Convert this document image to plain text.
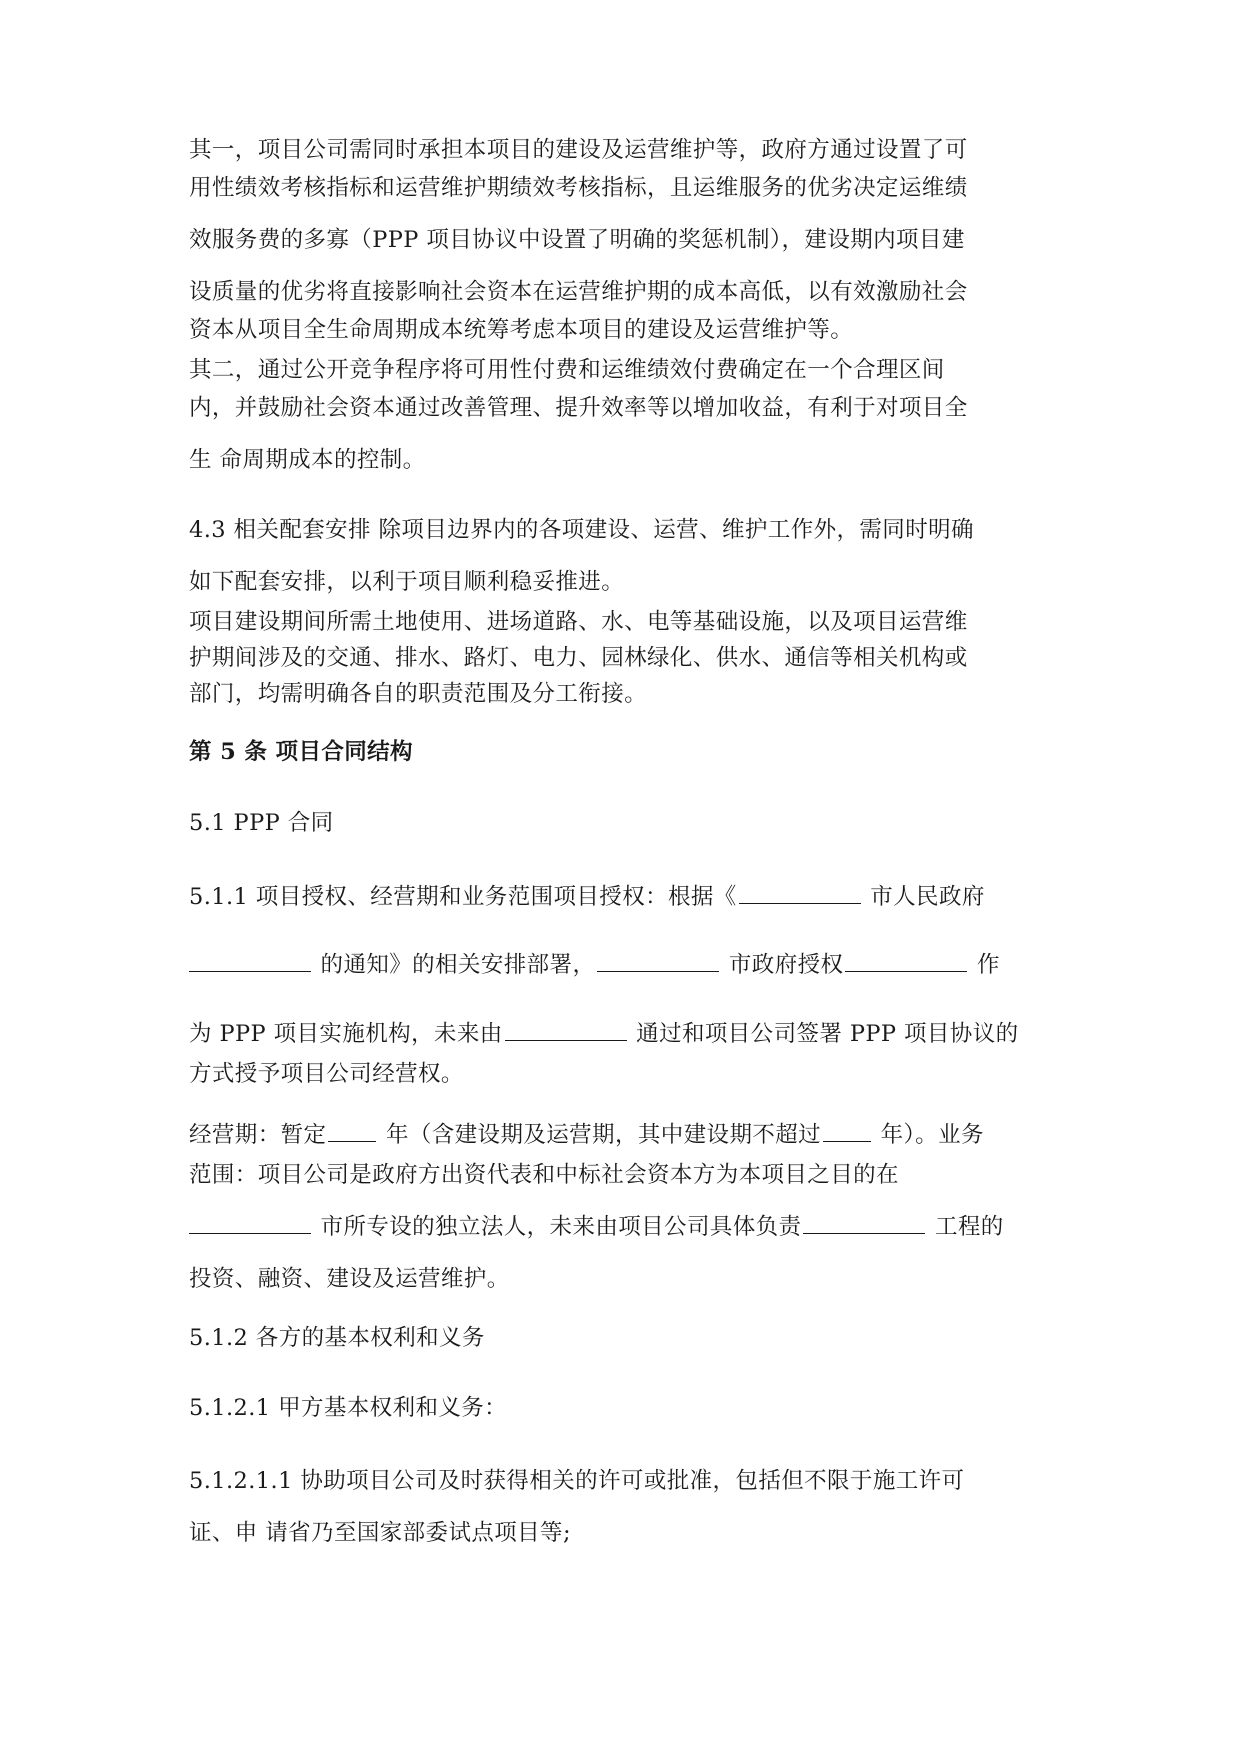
其一，项目公司需同时承担本项目的建设及运营维护等，政府方通过设置了可
用性绩效考核指标和运营维护期绩效考核指标，且运维服务的优劣决定运维绩
效服务费的多寡（PPP 项目协议中设置了明确的奖惩机制），建设期内项目建
设质量的优劣将直接影响社会资本在运营维护期的成本高低，以有效激励社会
资本从项目全生命周期成本统筹考虑本项目的建设及运营维护等。
其二，通过公开竞争程序将可用性付费和运维绩效付费确定在一个合理区间
内，并鼓励社会资本通过改善管理、提升效率等以增加收益，有利于对项目全
生 命周期成本的控制。
4.3 相关配套安排 除项目边界内的各项建设、运营、维护工作外，需同时明确
如下配套安排，以利于项目顺利稳妥推进。
项目建设期间所需土地使用、进场道路、水、电等基础设施，以及项目运营维
护期间涉及的交通、排水、路灯、电力、园林绿化、供水、通信等相关机构或
部门，均需明确各自的职责范围及分工衔接。
第 5 条 项目合同结构
5.1 PPP 合同
5.1.1 项目授权、经营期和业务范围项目授权：根据《	市人民政府
的通知》的相关安排部署，	市政府授权	作
为 PPP 项目实施机构，未来由	通过和项目公司签署 PPP 项目协议的
方式授予项目公司经营权。
经营期：暂定 年（含建设期及运营期，其中建设期不超过 年）。业务
范围：项目公司是政府方出资代表和中标社会资本方为本项目之目的在
市所专设的独立法人，未来由项目公司具体负责	工程的
投资、融资、建设及运营维护。
5.1.2 各方的基本权利和义务
5.1.2.1 甲方基本权利和义务：
5.1.2.1.1 协助项目公司及时获得相关的许可或批准，包括但不限于施工许可
证、申 请省乃至国家部委试点项目等;
